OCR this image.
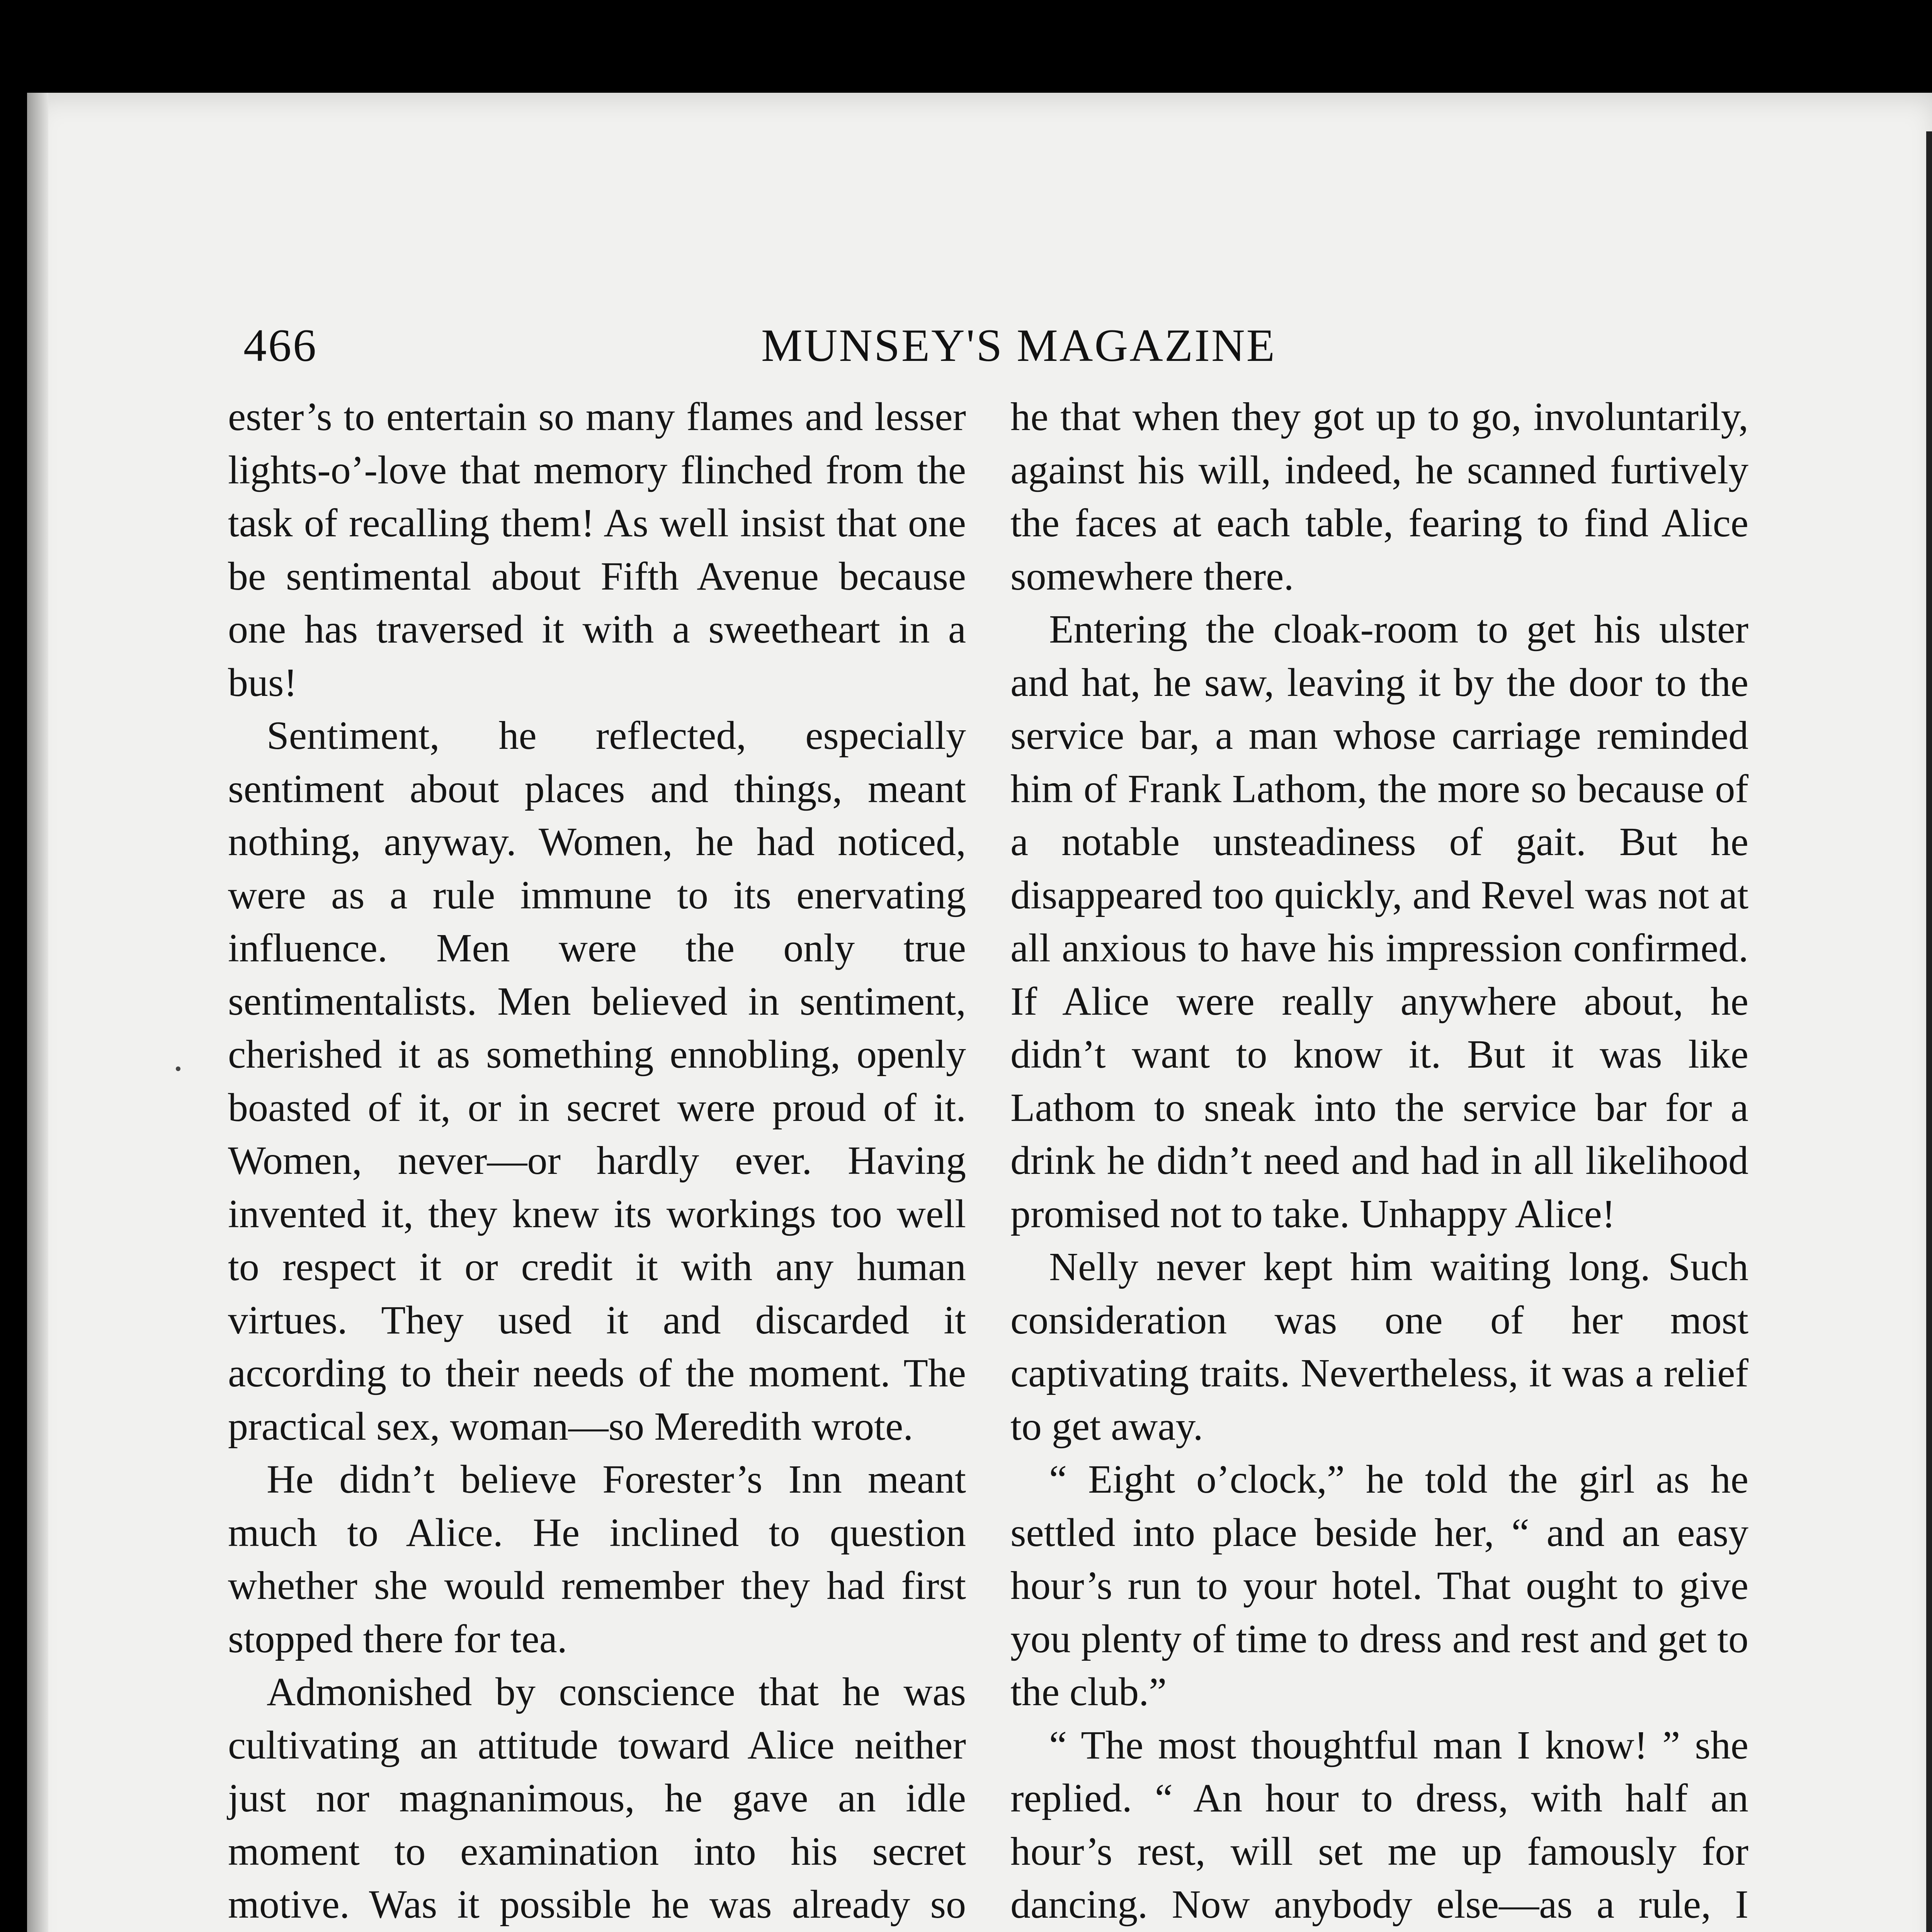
466	MUNSEY'S MAGAZINE

ester’s to entertain so many flames and lesser lights-o’-love that memory flinched from the task of recalling them! As well insist that one be sentimental about Fifth Avenue because one has traversed it with a sweetheart in a bus!

Sentiment, he reflected, especially sentiment about places and things, meant nothing, anyway. Women, he had noticed, were as a rule immune to its enervating influence. Men were the only true sentimentalists. Men believed in sentiment, cherished it as something ennobling, openly boasted of it, or in secret were proud of it. Women, never—or hardly ever. Having invented it, they knew its workings too well to respect it or credit it with any human virtues. They used it and discarded it according to their needs of the moment. The practical sex, woman—so Meredith wrote.

He didn’t believe Forester’s Inn meant much to Alice. He inclined to question whether she would remember they had first stopped there for tea.

Admonished by conscience that he was cultivating an attitude toward Alice neither just nor magnanimous, he gave an idle moment to examination into his secret motive. Was it possible he was already so

he that when they got up to go, involuntarily, against his will, indeed, he scanned furtively the faces at each table, fearing to find Alice somewhere there.

Entering the cloak-room to get his ulster and hat, he saw, leaving it by the door to the service bar, a man whose carriage reminded him of Frank Lathom, the more so because of a notable unsteadiness of gait. But he disappeared too quickly, and Revel was not at all anxious to have his impression confirmed. If Alice were really anywhere about, he didn’t want to know it. But it was like Lathom to sneak into the service bar for a drink he didn’t need and had in all likelihood promised not to take. Unhappy Alice!

Nelly never kept him waiting long. Such consideration was one of her most captivating traits. Nevertheless, it was a relief to get away.

“ Eight o’clock,” he told the girl as he settled into place beside her, “ and an easy hour’s run to your hotel. That ought to give you plenty of time to dress and rest and get to the club.”

“ The most thoughtful man I know! ” she replied. “ An hour to dress, with half an hour’s rest, will set me up famously for dancing. Now anybody else—as a rule, I
